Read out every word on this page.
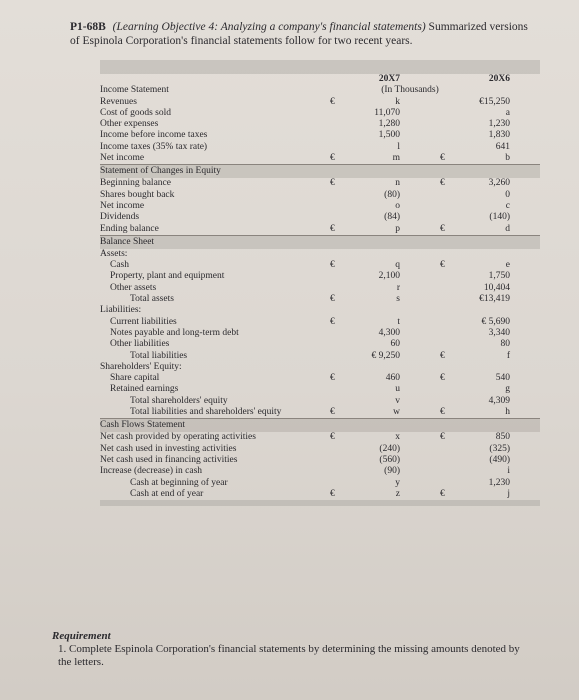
P1-68B (Learning Objective 4: Analyzing a company's financial statements) Summarized versions of Espinola Corporation's financial statements follow for two recent years.
20X7	20X6
Income Statement	(In Thousands)
Revenues	€	k	€15,250
Cost of goods sold	11,070	a
Other expenses	1,280	1,230
Income before income taxes	1,500	1,830
Income taxes (35% tax rate)	l	641
Net income	€	m	€	b
Statement of Changes in Equity
Beginning balance	€	n	€	3,260
Shares bought back	(80)	0
Net income	o	c
Dividends	(84)	(140)
Ending balance	€	p	€	d
Balance Sheet
Assets:
Cash	€	q	€	e
Property, plant and equipment	2,100	1,750
Other assets	r	10,404
Total assets	€	s	€13,419
Liabilities:
Current liabilities	€	t	€ 5,690
Notes payable and long-term debt	4,300	3,340
Other liabilities	60	80
Total liabilities	€ 9,250	€	f
Shareholders' Equity:
Share capital	€	460	€	540
Retained earnings	u	g
Total shareholders' equity	v	4,309
Total liabilities and shareholders' equity	€	w	€	h
Cash Flows Statement
Net cash provided by operating activities	€	x	€	850
Net cash used in investing activities	(240)	(325)
Net cash used in financing activities	(560)	(490)
Increase (decrease) in cash	(90)	i
Cash at beginning of year	y	1,230
Cash at end of year	€	z	€	j
Requirement
1. Complete Espinola Corporation's financial statements by determining the missing amounts denoted by the letters.
